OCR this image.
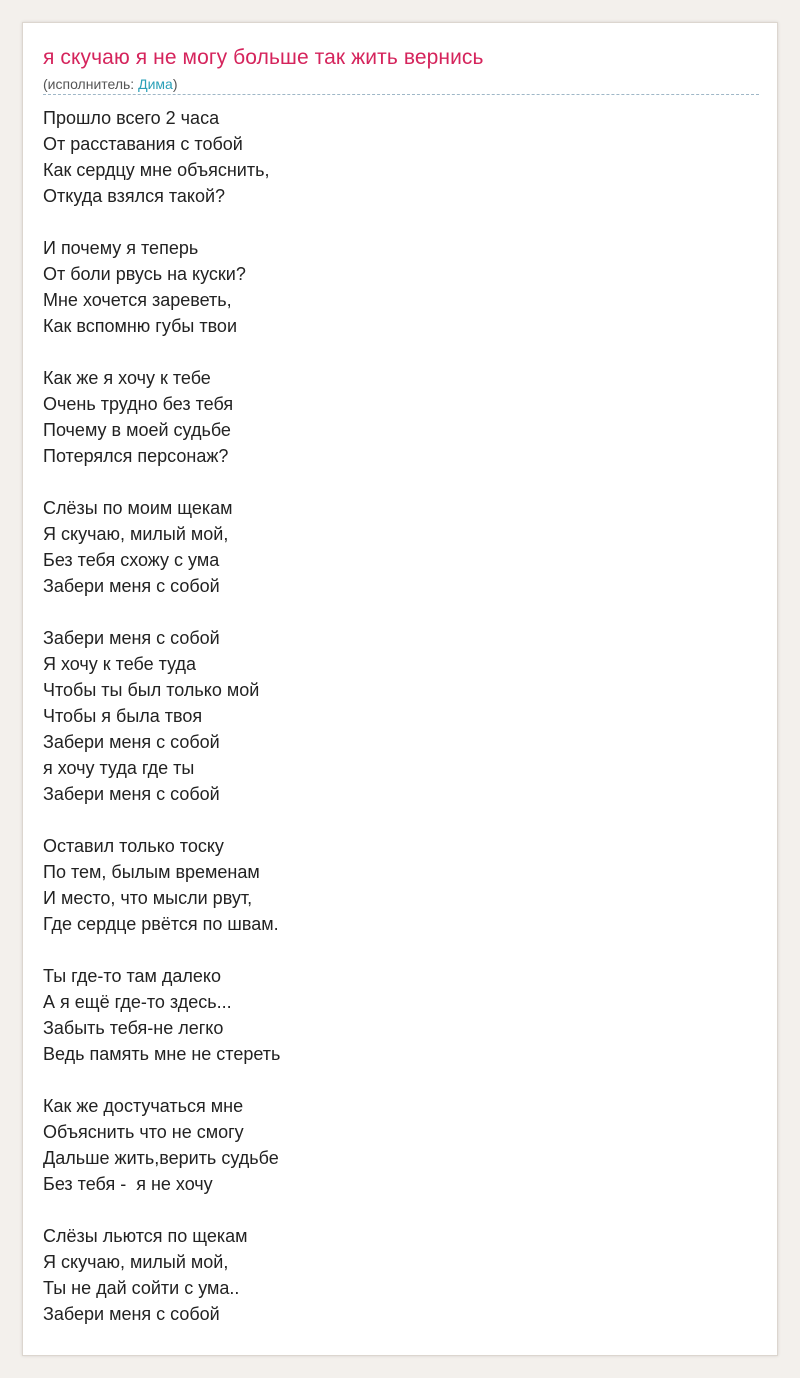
я скучаю я не могу больше так жить вернись
(исполнитель: Дима)
Прошло всего 2 часа
От расставания с тобой
Как сердцу мне объяснить,
Откуда взялся такой?
И почему я теперь
От боли рвусь на куски?
Мне хочется зареветь,
Как вспомню губы твои
Как же я хочу к тебе
Очень трудно без тебя
Почему в моей судьбе
Потерялся персонаж?
Слёзы по моим щекам
Я скучаю, милый мой,
Без тебя схожу с ума
Забери меня с собой
Забери меня с собой
Я хочу к тебе туда
Чтобы ты был только мой
Чтобы я была твоя
Забери меня с собой
я хочу туда где ты
Забери меня с собой
Оставил только тоску
По тем, былым временам
И место, что мысли рвут,
Где сердце рвётся по швам.
Ты где-то там далеко
А я ещё где-то здесь...
Забыть тебя-не легко
Ведь память мне не стереть
Как же достучаться мне
Объяснить что не смогу
Дальше жить,верить судьбе
Без тебя -  я не хочу
Слёзы льются по щекам
Я скучаю, милый мой,
Ты не дай сойти с ума..
Забери меня с собой
